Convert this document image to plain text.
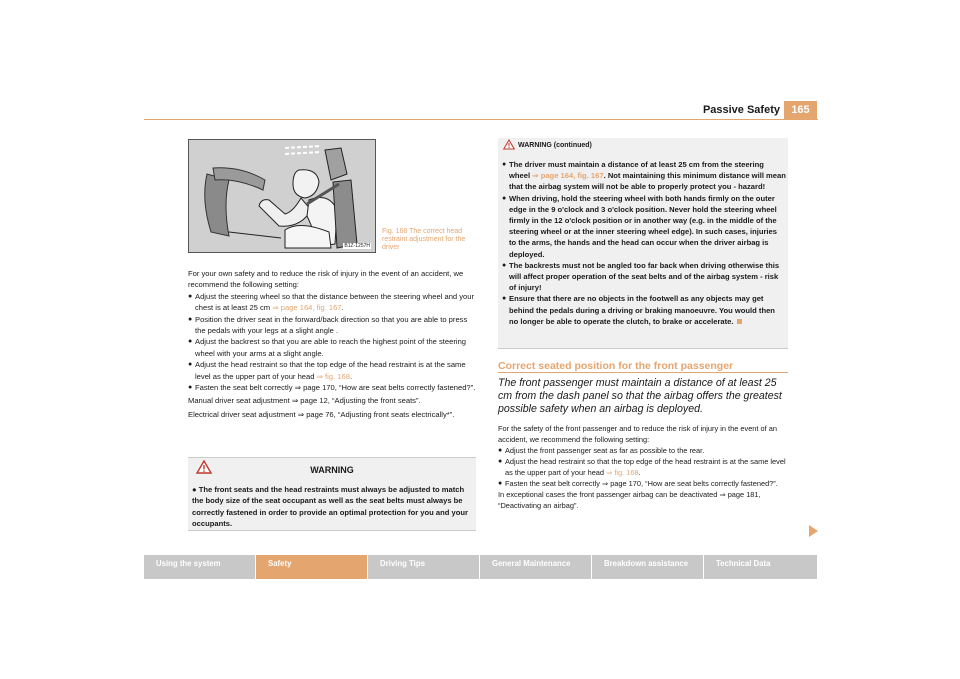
Passive Safety	165
B1Z-1257H
Fig. 168 The correct head restraint adjustment for the driver

For your own safety and to reduce the risk of injury in the event of an accident, we recommend the following setting:

● Adjust the steering wheel so that the distance between the steering wheel and your chest is at least 25 cm ⇒ page 164, fig. 167.
● Position the driver seat in the forward/back direction so that you are able to press the pedals with your legs at a slight angle .
● Adjust the backrest so that you are able to reach the highest point of the steering wheel with your arms at a slight angle.
● Adjust the head restraint so that the top edge of the head restraint is at the same level as the upper part of your head ⇒ fig. 168.
● Fasten the seat belt correctly ⇒ page 170, “How are seat belts correctly fastened?”.

Manual driver seat adjustment ⇒ page 12, “Adjusting the front seats”.

Electrical driver seat adjustment ⇒ page 76, “Adjusting front seats electrically*”.

WARNING
● The front seats and the head restraints must always be adjusted to match the body size of the seat occupant as well as the seat belts must always be correctly fastened in order to provide an optimal protection for you and your occupants.
WARNING (continued)
● The driver must maintain a distance of at least 25 cm from the steering wheel ⇒ page 164, fig. 167. Not maintaining this minimum distance will mean that the airbag system will not be able to properly protect you - hazard!
● When driving, hold the steering wheel with both hands firmly on the outer edge in the 9 o'clock and 3 o'clock position. Never hold the steering wheel firmly in the 12 o'clock position or in another way (e.g. in the middle of the steering wheel or at the inner steering wheel edge). In such cases, injuries to the arms, the hands and the head can occur when the driver airbag is deployed.
● The backrests must not be angled too far back when driving otherwise this will affect proper operation of the seat belts and of the airbag system - risk of injury!
● Ensure that there are no objects in the footwell as any objects may get behind the pedals during a driving or braking manoeuvre. You would then no longer be able to operate the clutch, to brake or accelerate.
Correct seated position for the front passenger
The front passenger must maintain a distance of at least 25 cm from the dash panel so that the airbag offers the greatest possible safety when an airbag is deployed.

For the safety of the front passenger and to reduce the risk of injury in the event of an accident, we recommend the following setting:

● Adjust the front passenger seat as far as possible to the rear.
● Adjust the head restraint so that the top edge of the head restraint is at the same level as the upper part of your head ⇒ fig. 168.
● Fasten the seat belt correctly ⇒ page 170, “How are seat belts correctly fastened?”.

In exceptional cases the front passenger airbag can be deactivated ⇒ page 181, “Deactivating an airbag”.

Using the system	Safety	Driving Tips	General Maintenance	Breakdown assistance	Technical Data
